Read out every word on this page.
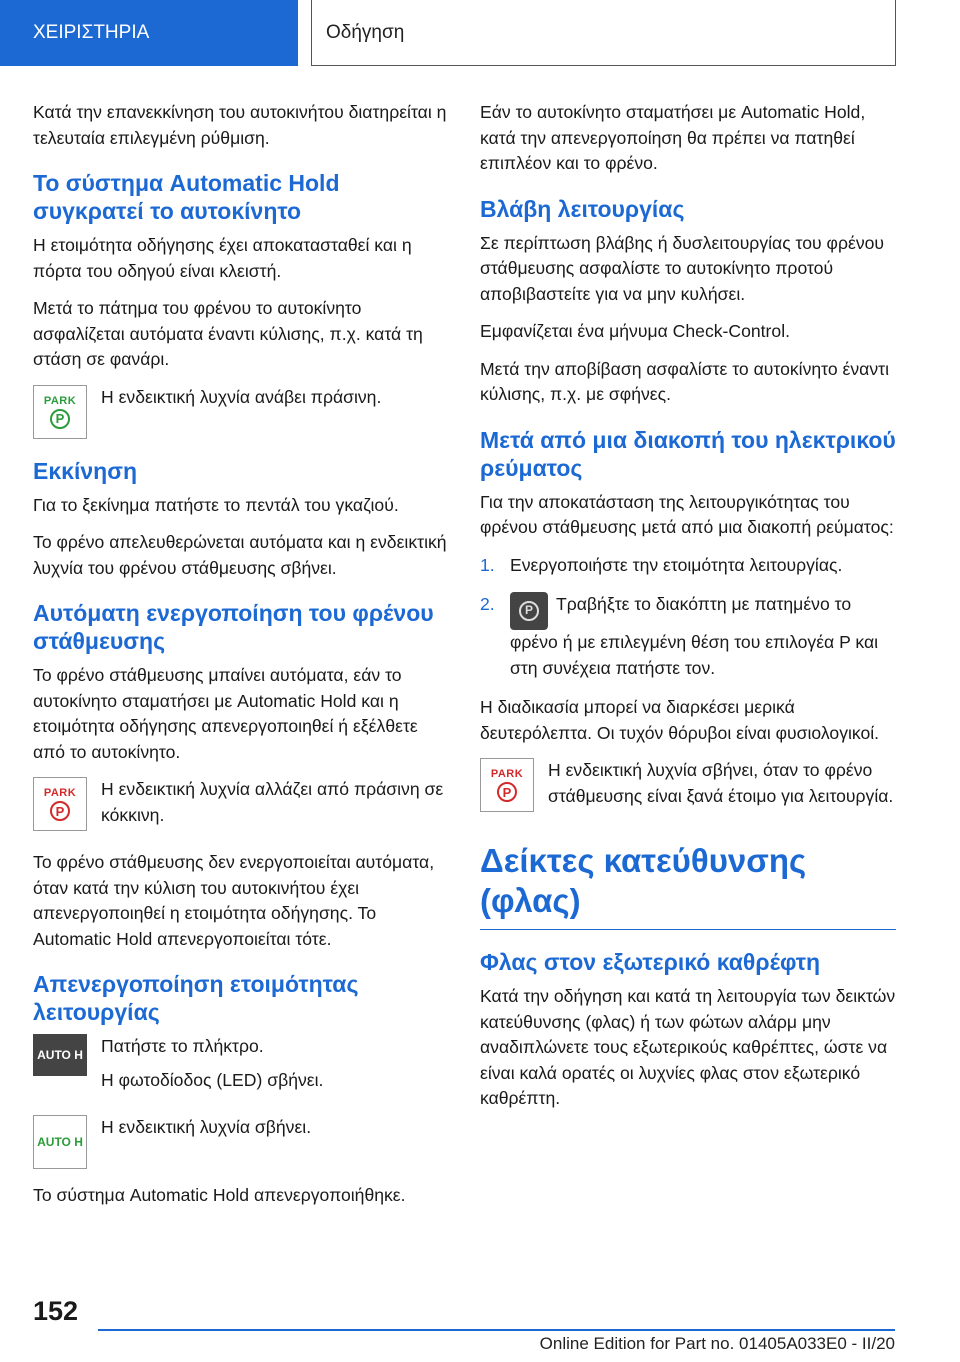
ΧΕΙΡΙΣΤΗΡΙΑ	Οδήγηση

Κατά την επανεκκίνηση του αυτοκινήτου διατηρείται η τελευταία επιλεγμένη ρύθμιση.

Το σύστημα Automatic Hold συγκρατεί το αυτοκίνητο

Η ετοιμότητα οδήγησης έχει αποκατασταθεί και η πόρτα του οδηγού είναι κλειστή.

Μετά το πάτημα του φρένου το αυτοκίνητο ασφαλίζεται αυτόματα έναντι κύλισης, π.χ. κατά τη στάση σε φανάρι.

PARK
P

Η ενδεικτική λυχνία ανάβει πράσινη.

Εκκίνηση

Για το ξεκίνημα πατήστε το πεντάλ του γκαζιού.

Το φρένο απελευθερώνεται αυτόματα και η ενδεικτική λυχνία του φρένου στάθμευσης σβήνει.

Αυτόματη ενεργοποίηση του φρένου στάθμευσης

Το φρένο στάθμευσης μπαίνει αυτόματα, εάν το αυτοκίνητο σταματήσει με Automatic Hold και η ετοιμότητα οδήγησης απενεργοποιηθεί ή εξέλθετε από το αυτοκίνητο.

PARK
P

Η ενδεικτική λυχνία αλλάζει από πράσινη σε κόκκινη.

Το φρένο στάθμευσης δεν ενεργοποιείται αυτόματα, όταν κατά την κύλιση του αυτοκινήτου έχει απενεργοποιηθεί η ετοιμότητα οδήγησης. Το Automatic Hold απενεργοποιείται τότε.

Απενεργοποίηση ετοιμότητας λειτουργίας
AUTO H Πατήστε το πλήκτρο.

Η φωτοδίοδος (LED) σβήνει.

AUTO H

Η ενδεικτική λυχνία σβήνει.

Το σύστημα Automatic Hold απενεργοποιήθηκε.

Εάν το αυτοκίνητο σταματήσει με Automatic Hold, κατά την απενεργοποίηση θα πρέπει να πατηθεί επιπλέον και το φρένο.

Βλάβη λειτουργίας

Σε περίπτωση βλάβης ή δυσλειτουργίας του φρένου στάθμευσης ασφαλίστε το αυτοκίνητο προτού αποβιβαστείτε για να μην κυλήσει.

Εμφανίζεται ένα μήνυμα Check-Control.

Μετά την αποβίβαση ασφαλίστε το αυτοκίνητο έναντι κύλισης, π.χ. με σφήνες.

Μετά από μια διακοπή του ηλεκτρικού ρεύματος

Για την αποκατάσταση της λειτουργικότητας του φρένου στάθμευσης μετά από μια διακοπή ρεύματος:

1. Ενεργοποιήστε την ετοιμότητα λειτουργίας.
2.	P	Τραβήξτε το διακόπτη με πατημένο το φρένο ή με επιλεγμένη θέση του επιλογέα P και στη συνέχεια πατήστε τον.

Η διαδικασία μπορεί να διαρκέσει μερικά δευτερόλεπτα. Οι τυχόν θόρυβοι είναι φυσιολογικοί.

PARK
P

Η ενδεικτική λυχνία σβήνει, όταν το φρένο στάθμευσης είναι ξανά έτοιμο για λειτουργία.

Δείκτες κατεύθυνσης (φλας)
Φλας στον εξωτερικό καθρέφτη

Κατά την οδήγηση και κατά τη λειτουργία των δεικτών κατεύθυνσης (φλας) ή των φώτων αλάρμ μην αναδιπλώνετε τους εξωτερικούς καθρέπτες, ώστε να είναι καλά ορατές οι λυχνίες φλας στον εξωτερικό καθρέπτη.

152
Online Edition for Part no. 01405A033E0 - II/20
